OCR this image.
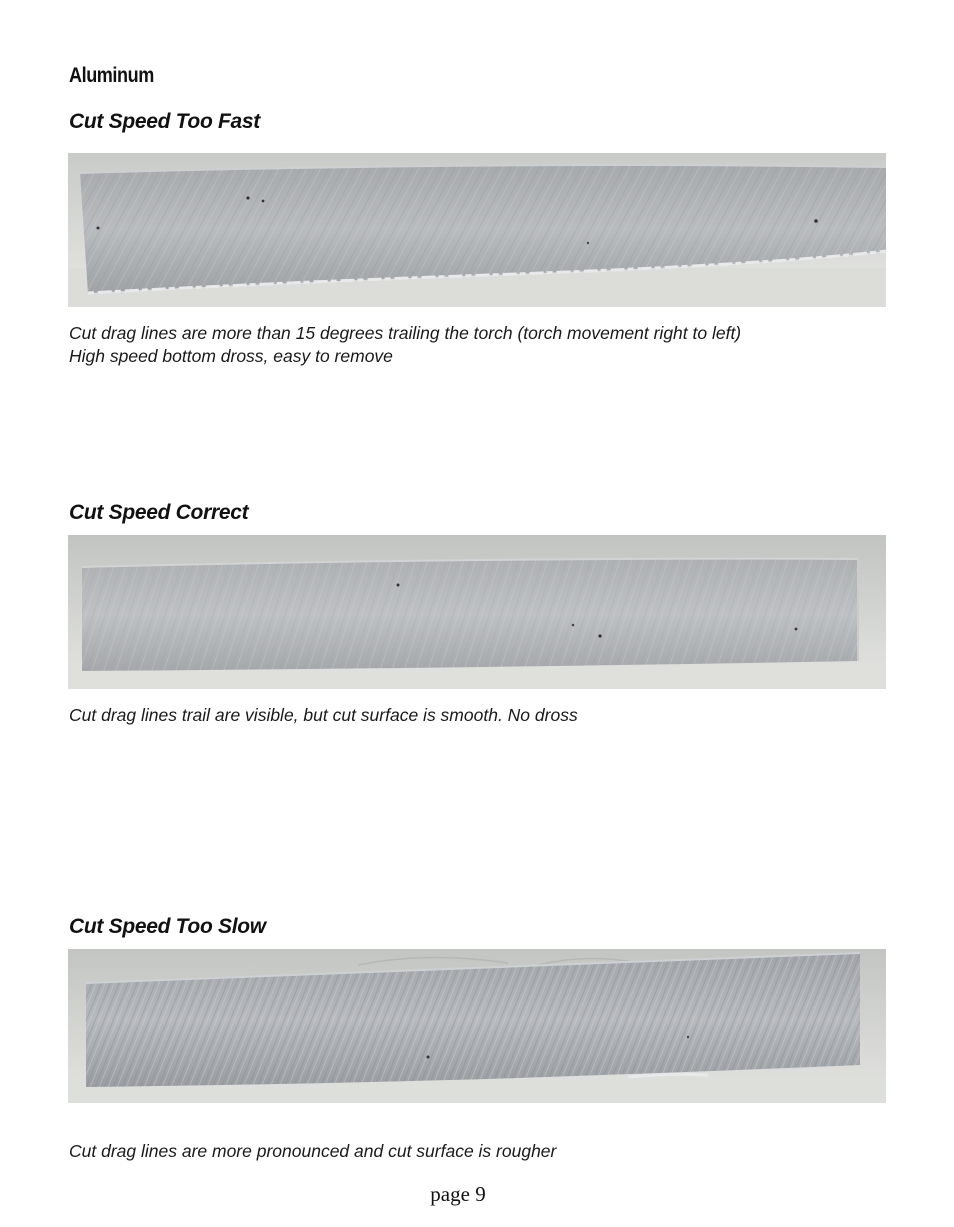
Aluminum
Cut Speed Too Fast
Cut drag lines are more than 15 degrees trailing the torch (torch movement right to left)
High speed bottom dross, easy to remove
Cut Speed Correct
Cut drag lines trail are visible, but cut surface is smooth. No dross
Cut Speed Too Slow
Cut drag lines are more pronounced and cut surface is rougher
page 9
